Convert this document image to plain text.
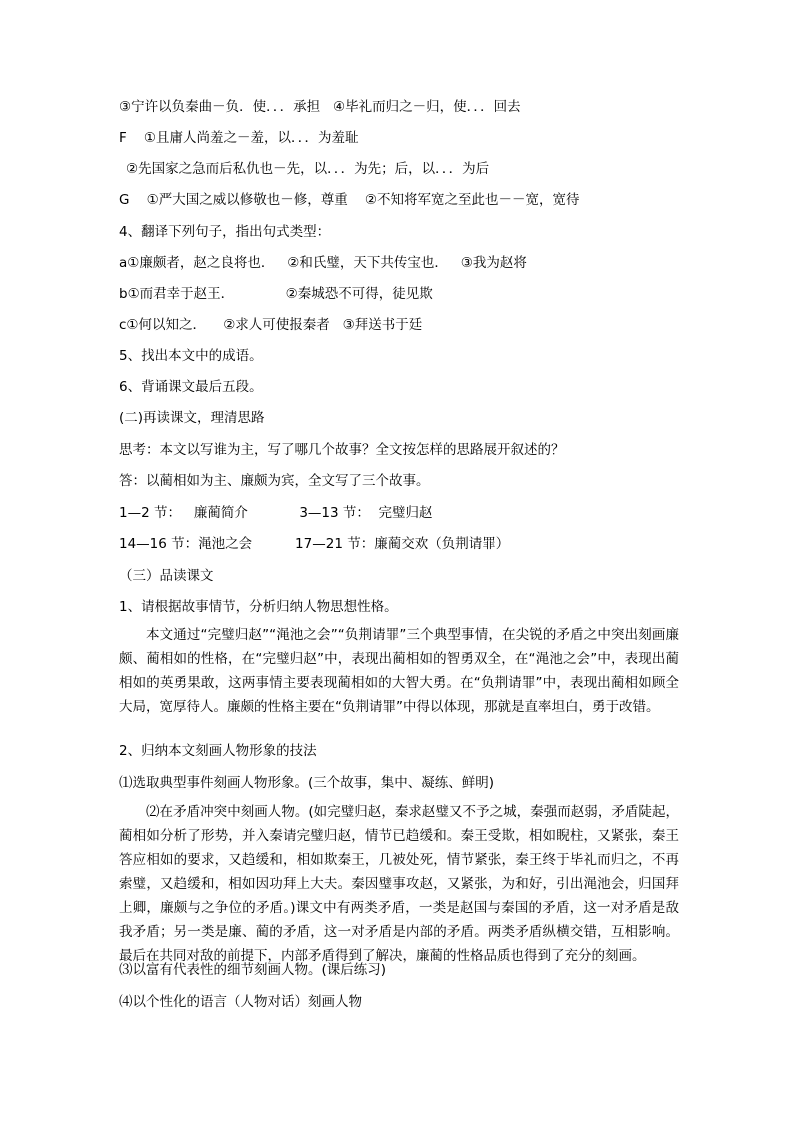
③宁许以负秦曲－负．使．．．承担   ④毕礼而归之－归，使．．．回去
F    ①且庸人尚羞之－羞，以．．．为羞耻
②先国家之急而后私仇也－先，以．．．为先；后，以．．．为后
G    ①严大国之威以修敬也－修，尊重    ②不知将军宽之至此也－－宽，宽待
4、翻译下列句子，指出句式类型：
a①廉颇者，赵之良将也．   ②和氏璧，天下共传宝也．   ③我为赵将
b①而君幸于赵王．            ②秦城恐不可得，徒见欺
c①何以知之．    ②求人可使报秦者   ③拜送书于廷
5、找出本文中的成语。
6、背诵课文最后五段。
(二)再读课文，理清思路
思考：本文以写谁为主，写了哪几个故事？全文按怎样的思路展开叙述的？
答：以蔺相如为主、廉颇为宾，全文写了三个故事。
1—2 节：   廉蔺简介            3—13 节：  完璧归赵
14—16 节：渑池之会          17—21 节：廉蔺交欢（负荆请罪）
（三）品读课文
1、请根据故事情节，分析归纳人物思想性格。
本文通过“完璧归赵”“渑池之会”“负荆请罪”三个典型事情，在尖锐的矛盾之中突出刻画廉颇、蔺相如的性格，在“完璧归赵”中，表现出蔺相如的智勇双全，在“渑池之会”中，表现出蔺相如的英勇果敢，这两事情主要表现蔺相如的大智大勇。在“负荆请罪”中，表现出蔺相如顾全大局，宽厚待人。廉颇的性格主要在“负荆请罪”中得以体现，那就是直率坦白，勇于改错。
2、归纳本文刻画人物形象的技法
⑴选取典型事件刻画人物形象。(三个故事，集中、凝练、鲜明)
⑵在矛盾冲突中刻画人物。(如完璧归赵，秦求赵璧又不予之城，秦强而赵弱，矛盾陡起，蔺相如分析了形势，并入秦请完璧归赵，情节已趋缓和。秦王受欺，相如睨柱，又紧张，秦王答应相如的要求，又趋缓和，相如欺秦王，几被处死，情节紧张，秦王终于毕礼而归之，不再索璧，又趋缓和，相如因功拜上大夫。秦因璧事攻赵，又紧张，为和好，引出渑池会，归国拜上卿，廉颇与之争位的矛盾。)课文中有两类矛盾，一类是赵国与秦国的矛盾，这一对矛盾是敌我矛盾；另一类是廉、蔺的矛盾，这一对矛盾是内部的矛盾。两类矛盾纵横交错，互相影响。最后在共同对敌的前提下，内部矛盾得到了解决，廉蔺的性格品质也得到了充分的刻画。
⑶以富有代表性的细节刻画人物。(课后练习)
⑷以个性化的语言（人物对话）刻画人物
